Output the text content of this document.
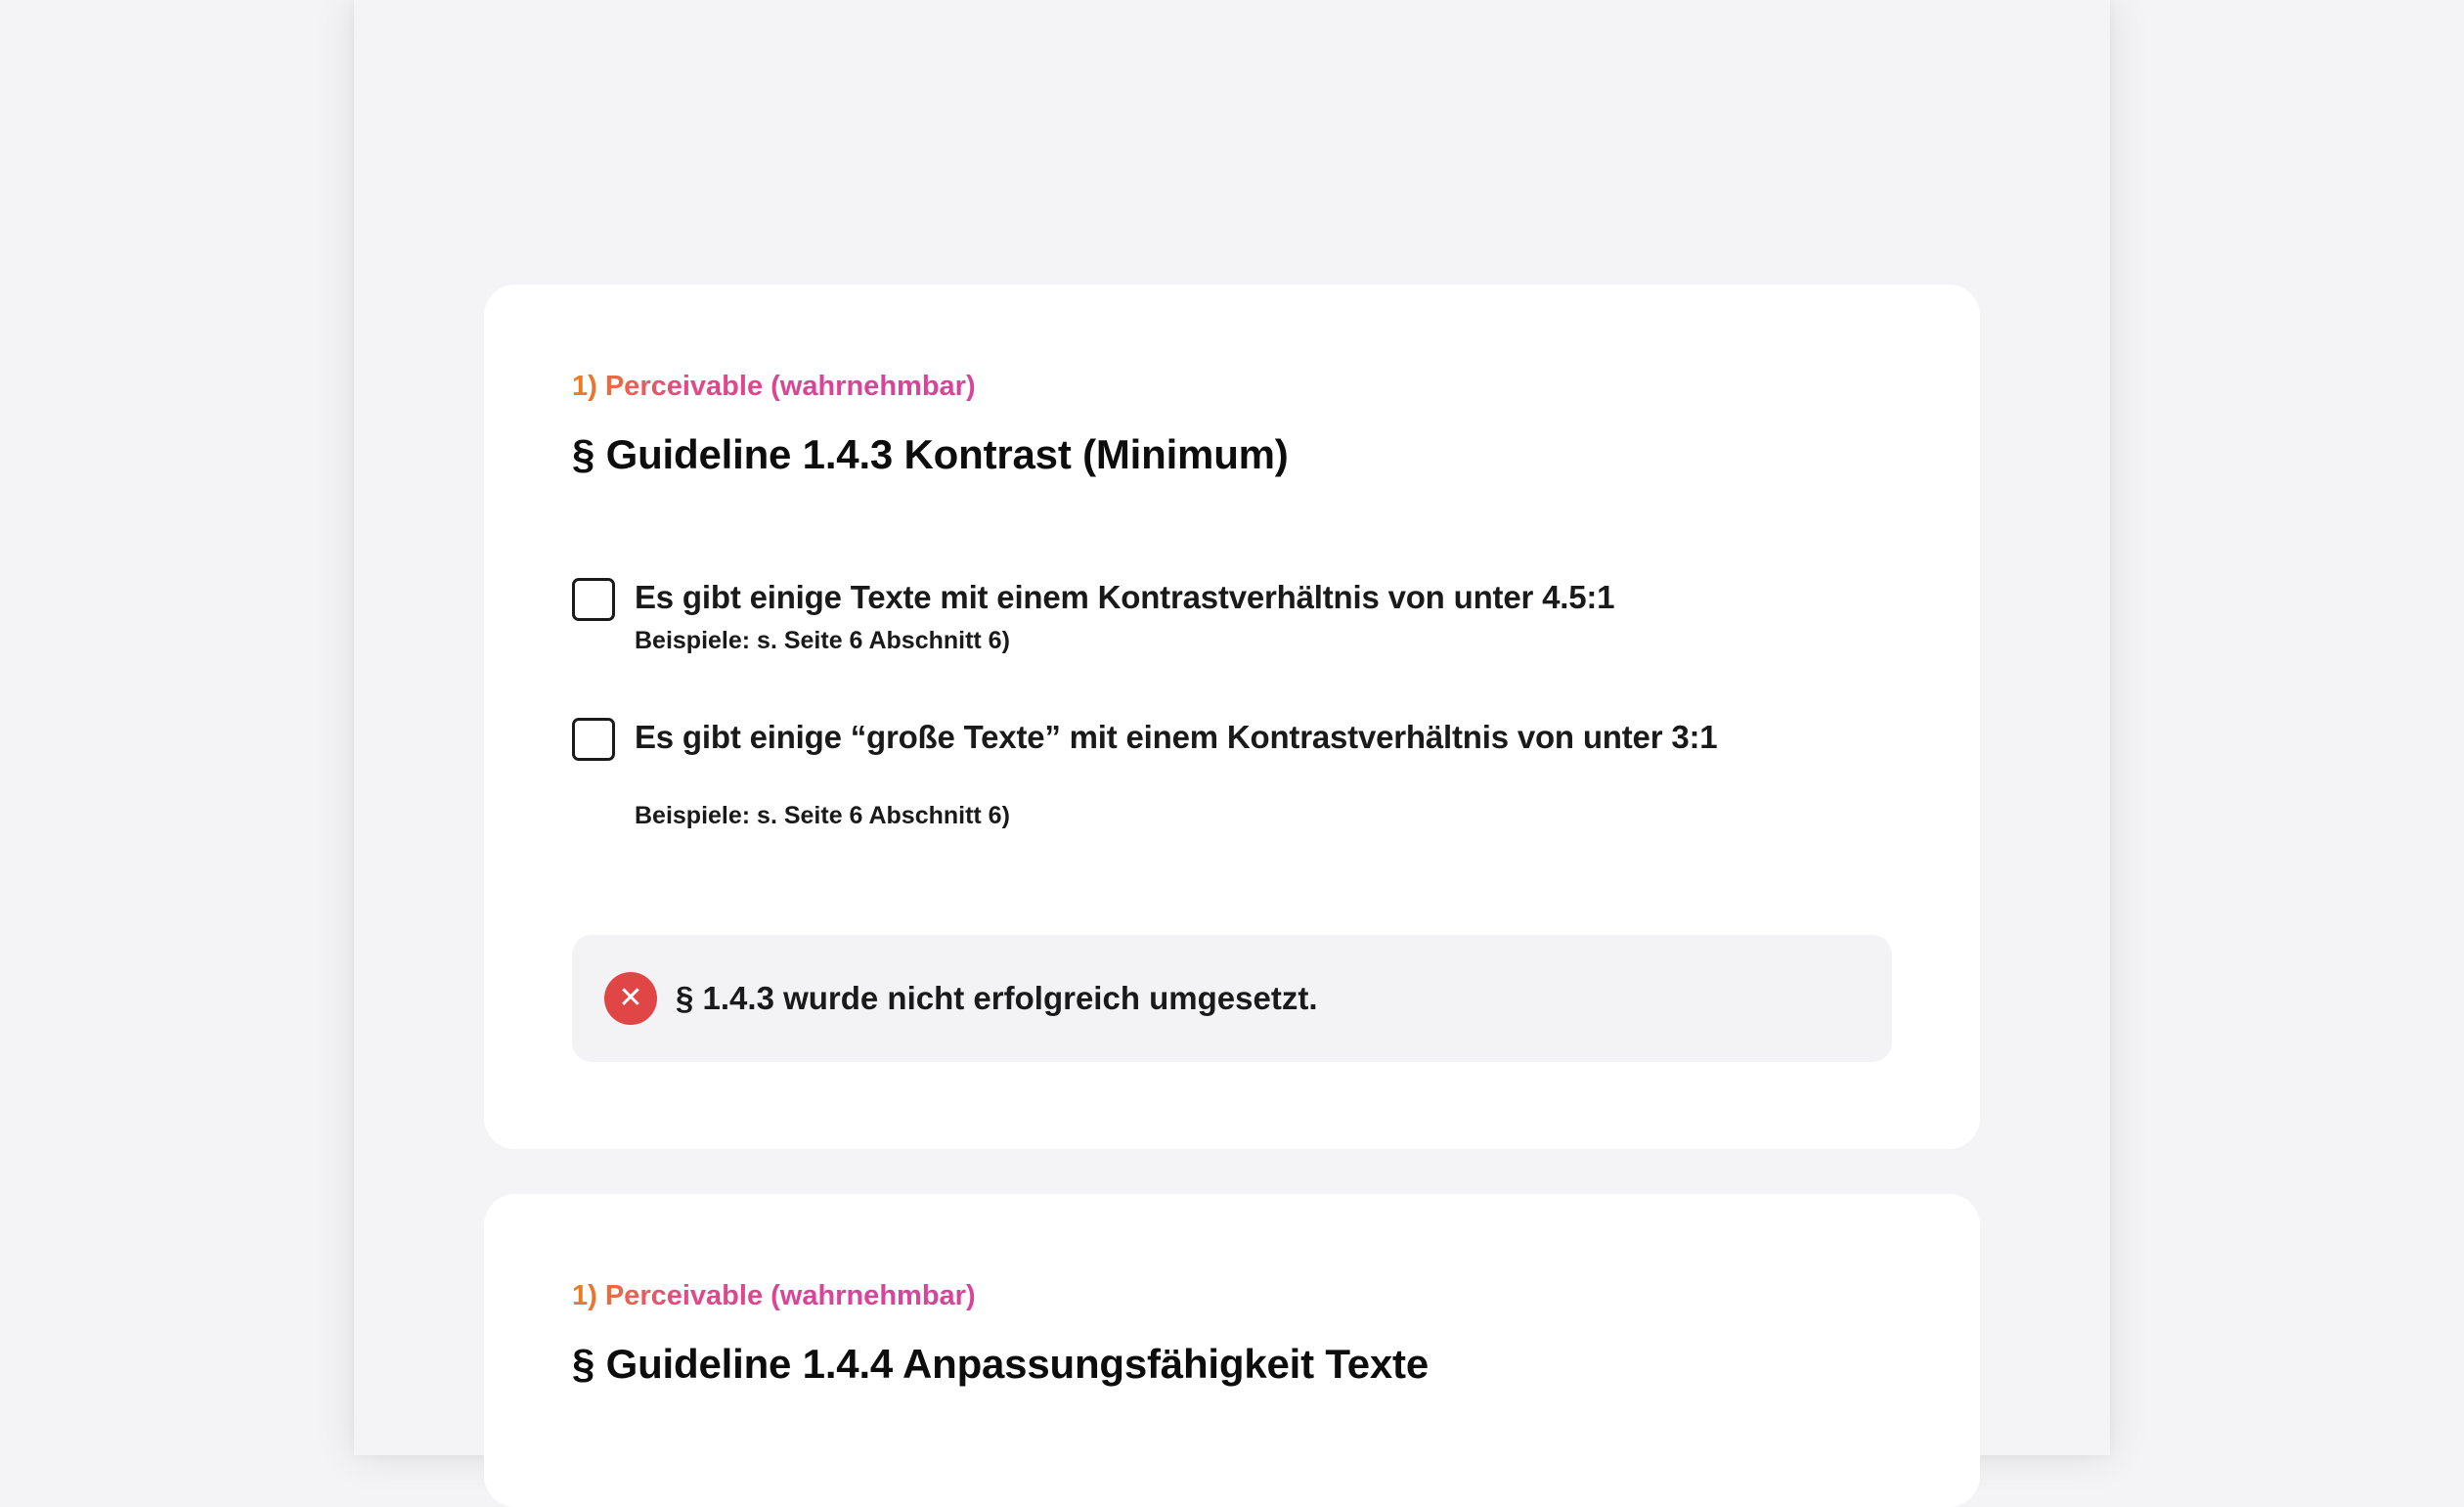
1) Perceivable (wahrnehmbar)
§ Guideline 1.4.3 Kontrast (Minimum)
Es gibt einige Texte mit einem Kontrastverhältnis von unter 4.5:1
Beispiele: s. Seite 6 Abschnitt 6)
Es gibt einige “große Texte” mit einem Kontrastverhältnis von unter 3:1
Beispiele: s. Seite 6 Abschnitt 6)
✕	§ 1.4.3 wurde nicht erfolgreich umgesetzt.
1) Perceivable (wahrnehmbar)
§ Guideline 1.4.4 Anpassungsfähigkeit Texte
